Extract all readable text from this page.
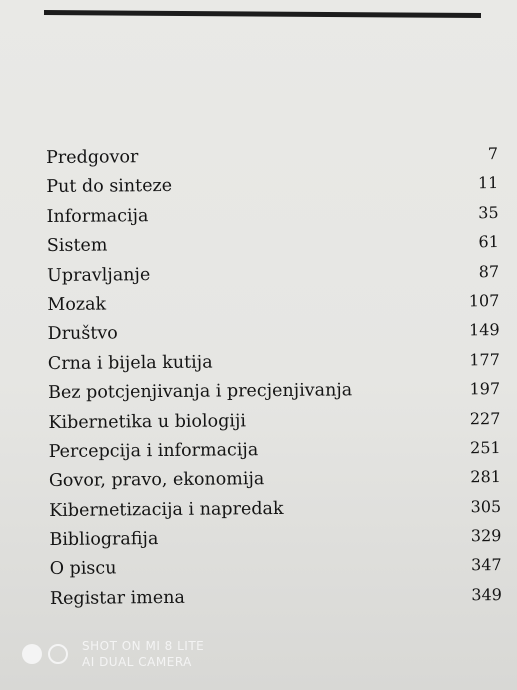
Predgovor	7
Put do sinteze	11
Informacija	35
Sistem	61
Upravljanje	87
Mozak	107
Društvo	149
Crna i bijela kutija	177
Bez potcjenjivanja i precjenjivanja	197
Kibernetika u biologiji	227
Percepcija i informacija	251
Govor, pravo, ekonomija	281
Kibernetizacija i napredak	305
Bibliografija	329
O piscu	347
Registar imena	349
SHOT ON MI 8 LITE
AI DUAL CAMERA
